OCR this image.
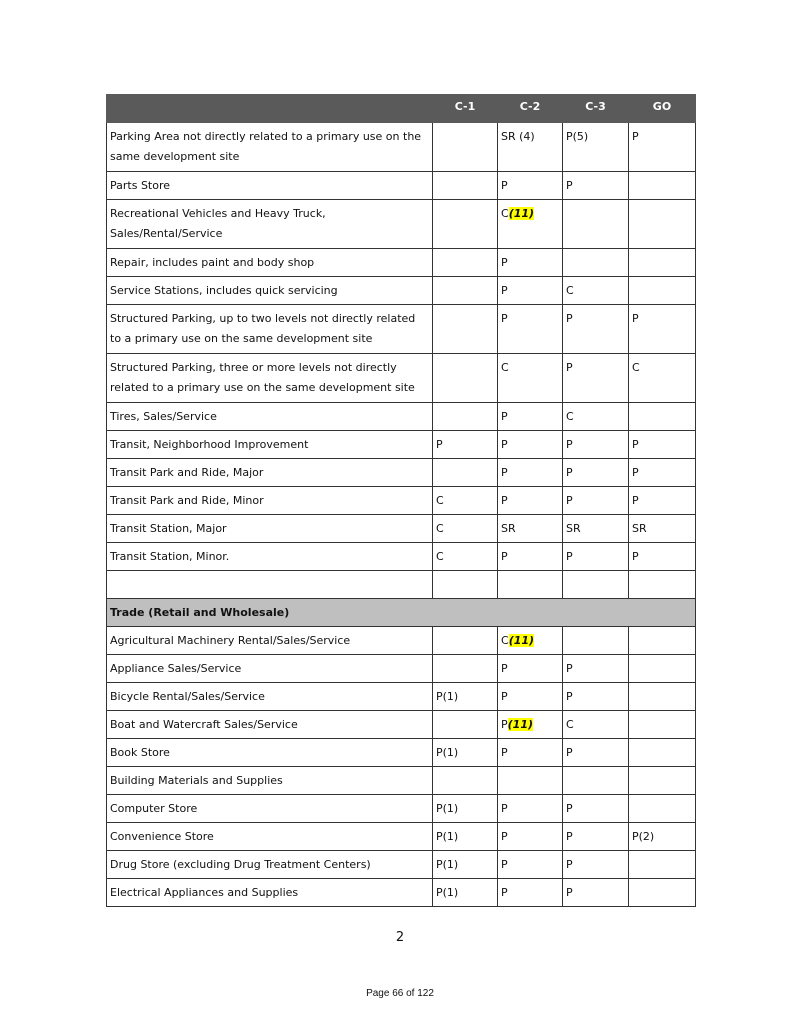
	C-1	C-2	C-3	GO
Parking Area not directly related to a primary use on the same development site		SR (4)	P(5)	P
Parts Store		P	P	
Recreational Vehicles and Heavy Truck, Sales/Rental/Service		C(11)		
Repair, includes paint and body shop		P		
Service Stations, includes quick servicing		P	C	
Structured Parking, up to two levels not directly related to a primary use on the same development site		P	P	P
Structured Parking, three or more levels not directly related to a primary use on the same development site		C	P	C
Tires, Sales/Service		P	C	
Transit, Neighborhood Improvement	P	P	P	P
Transit Park and Ride, Major		P	P	P
Transit Park and Ride, Minor	C	P	P	P
Transit Station, Major	C	SR	SR	SR
Transit Station, Minor.	C	P	P	P

Trade (Retail and Wholesale)				
Agricultural Machinery Rental/Sales/Service		C(11)		
Appliance Sales/Service		P	P	
Bicycle Rental/Sales/Service	P(1)	P	P	
Boat and Watercraft Sales/Service		P(11)	C	
Book Store	P(1)	P	P	
Building Materials and Supplies				
Computer Store	P(1)	P	P	
Convenience Store	P(1)	P	P	P(2)
Drug Store (excluding Drug Treatment Centers)	P(1)	P	P	
Electrical Appliances and Supplies	P(1)	P	P	
2
Page 66 of 122
